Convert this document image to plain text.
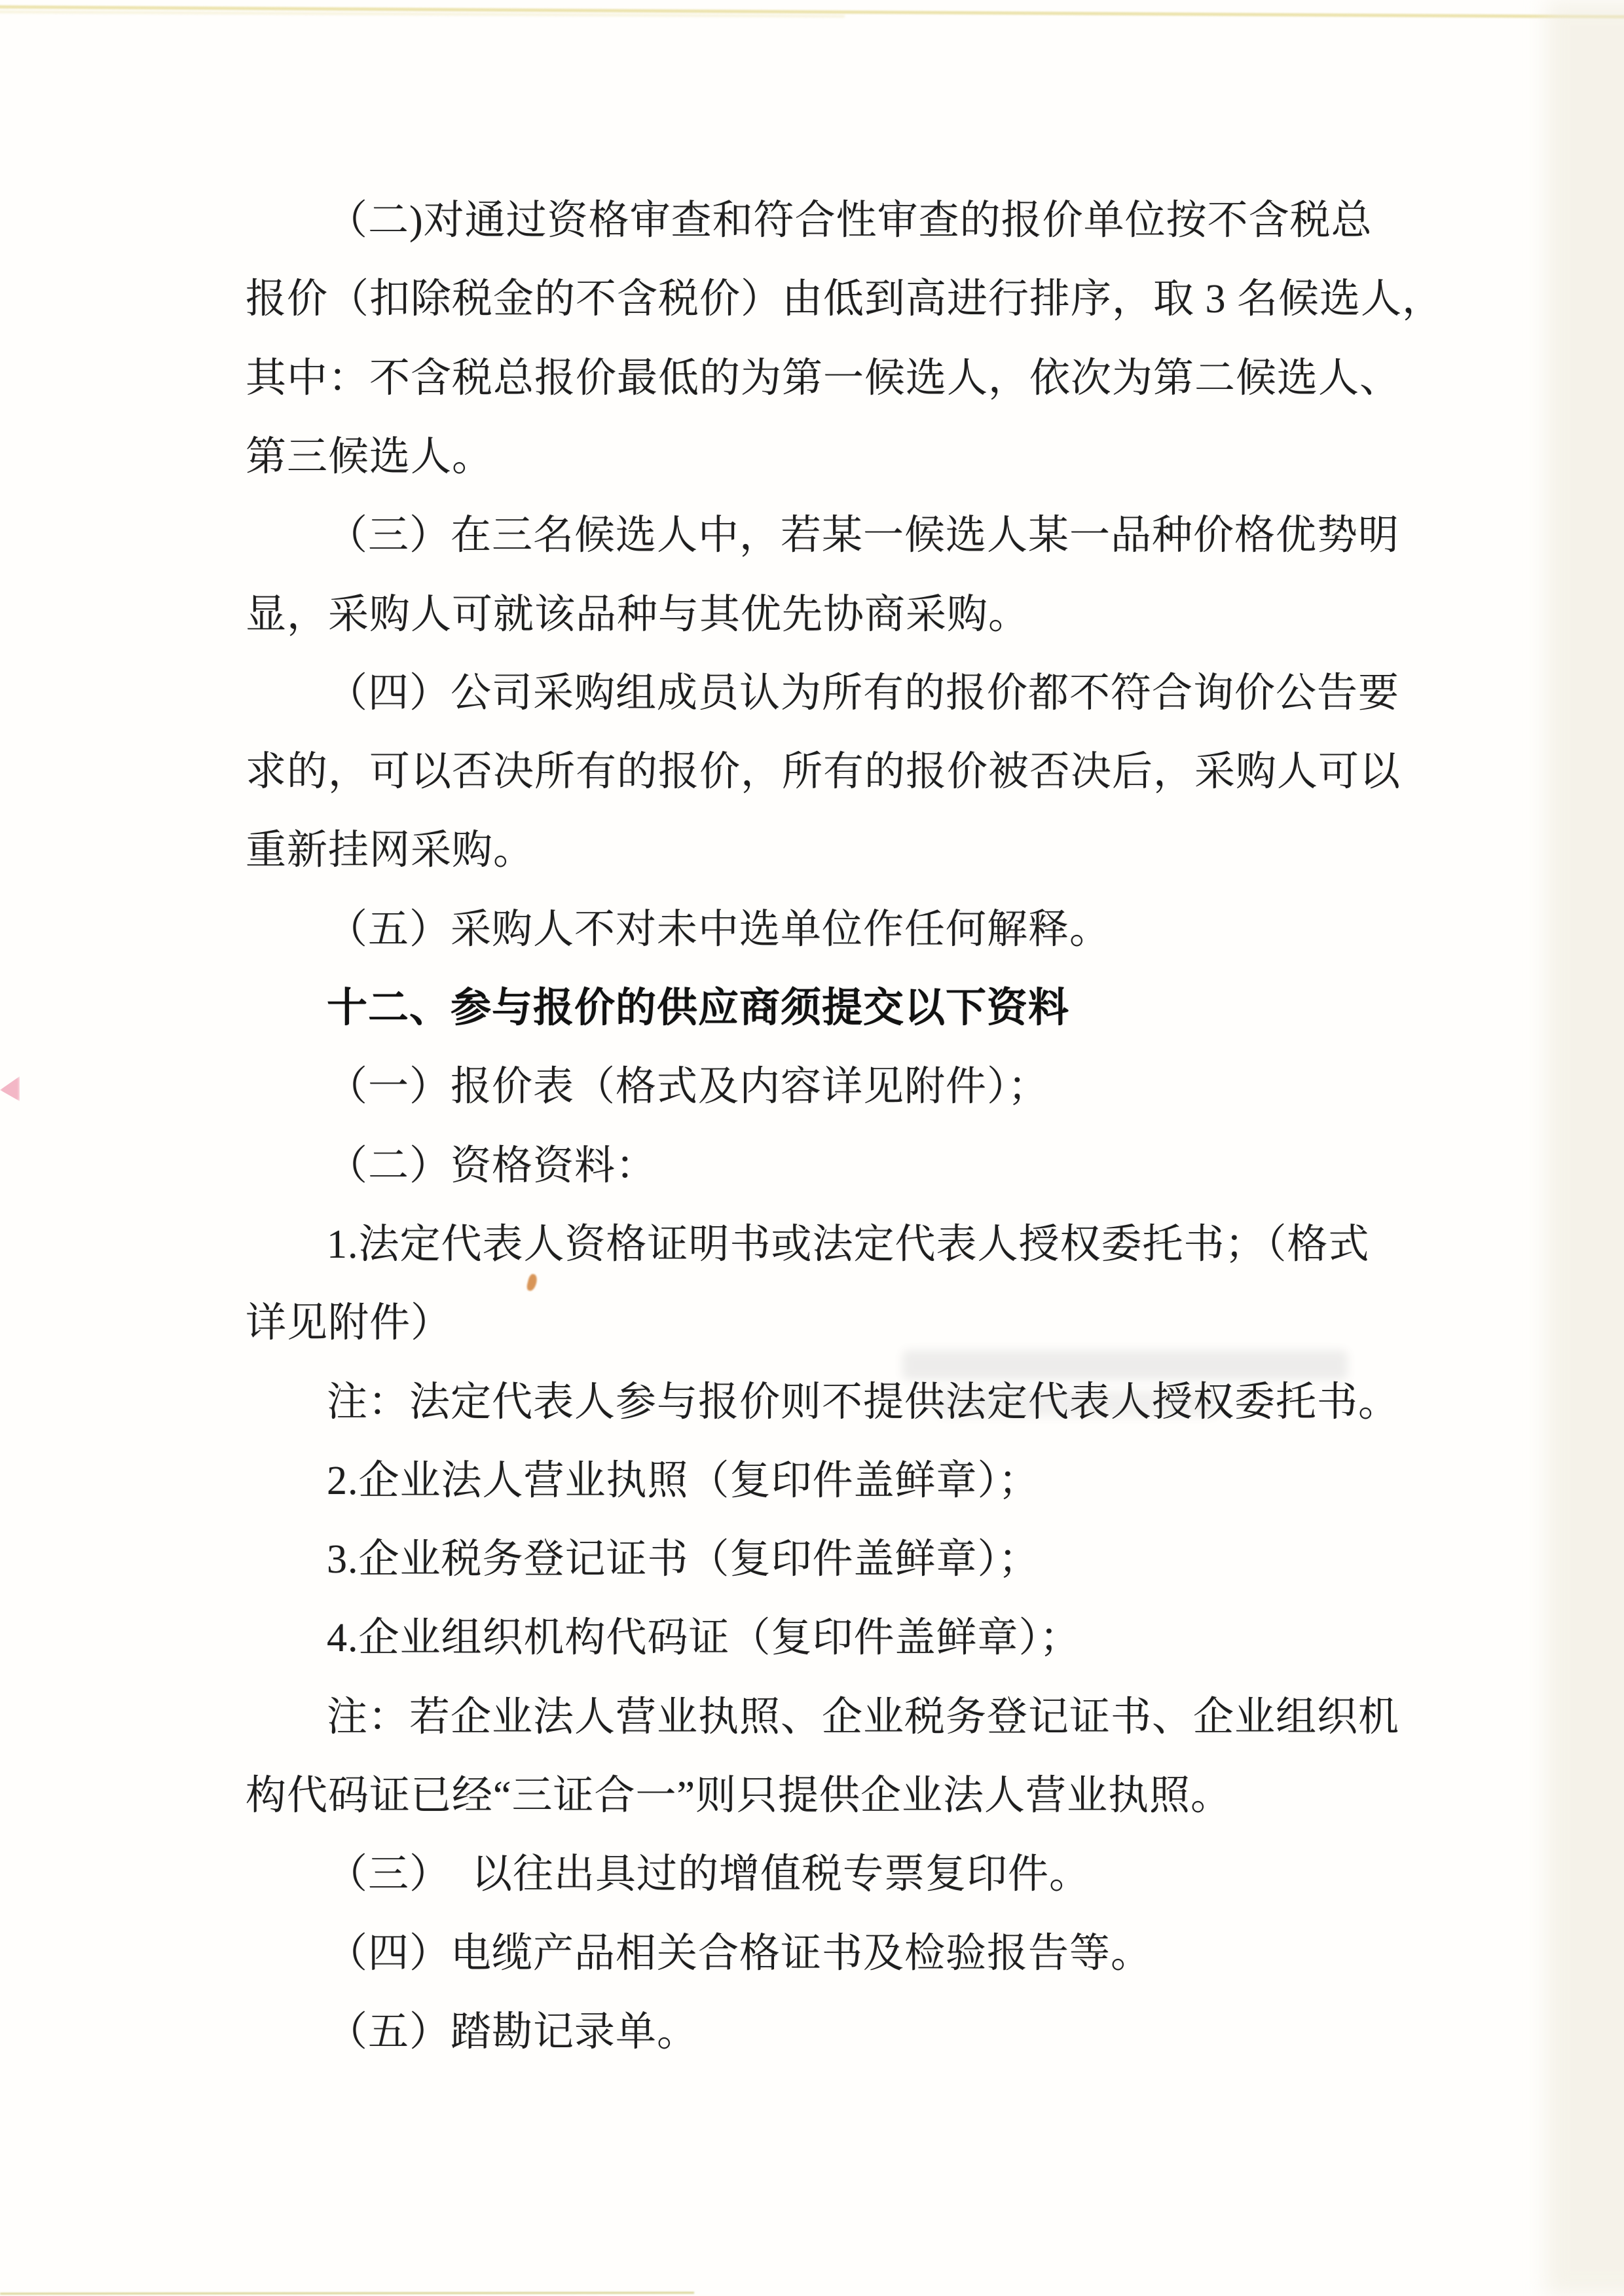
（二)对通过资格审查和符合性审查的报价单位按不含税总
报价（扣除税金的不含税价）由低到高进行排序，取 3 名候选人，
其中：不含税总报价最低的为第一候选人，依次为第二候选人、
第三候选人。
（三）在三名候选人中，若某一候选人某一品种价格优势明
显，采购人可就该品种与其优先协商采购。
（四）公司采购组成员认为所有的报价都不符合询价公告要
求的，可以否决所有的报价，所有的报价被否决后，采购人可以
重新挂网采购。
（五）采购人不对未中选单位作任何解释。
十二、参与报价的供应商须提交以下资料
（一）报价表（格式及内容详见附件）；
（二）资格资料：
1.法定代表人资格证明书或法定代表人授权委托书；（格式
详见附件）
注：法定代表人参与报价则不提供法定代表人授权委托书。
2.企业法人营业执照（复印件盖鲜章）；
3.企业税务登记证书（复印件盖鲜章）；
4.企业组织机构代码证（复印件盖鲜章）；
注：若企业法人营业执照、企业税务登记证书、企业组织机
构代码证已经“三证合一”则只提供企业法人营业执照。
（三）　以往出具过的增值税专票复印件。
（四）电缆产品相关合格证书及检验报告等。
（五）踏勘记录单。
